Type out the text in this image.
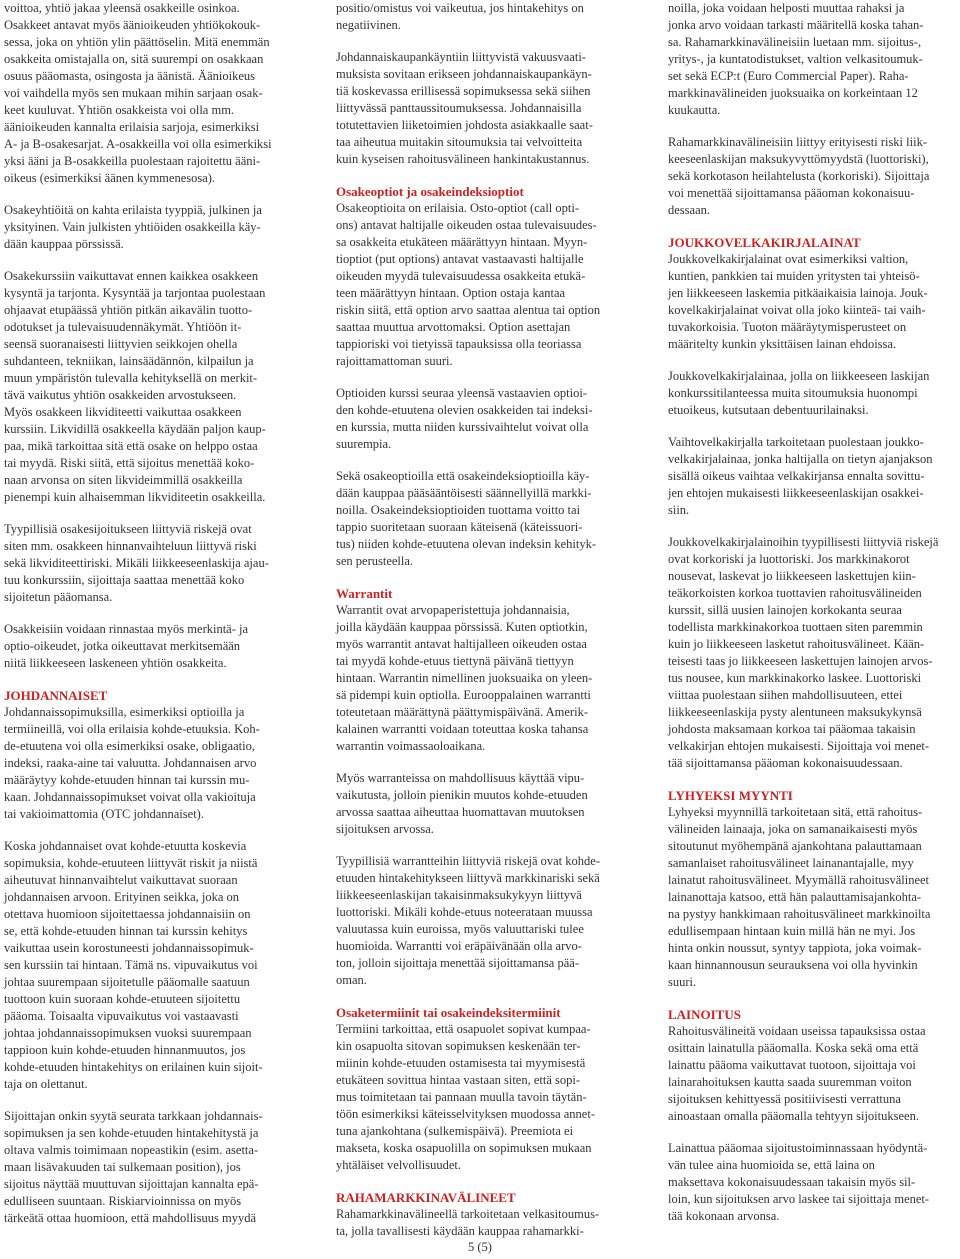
voittoa, yhtiö jakaa yleensä osakkeille osinkoa.
Osakkeet antavat myös äänioikeuden yhtiökokouk-
sessa, joka on yhtiön ylin päättöselin. Mitä enemmän
osakkeita omistajalla on, sitä suurempi on osakkaan
osuus pääomasta, osingosta ja äänistä. Äänioikeus
voi vaihdella myös sen mukaan mihin sarjaan osak-
keet kuuluvat. Yhtiön osakkeista voi olla mm.
äänioikeuden kannalta erilaisia sarjoja, esimerkiksi
A- ja B-osakesarjat. A-osakkeilla voi olla esimerkiksi
yksi ääni ja B-osakkeilla puolestaan rajoitettu ääni-
oikeus (esimerkiksi äänen kymmenesosa).

Osakeyhtiöitä on kahta erilaista tyyppiä, julkinen ja
yksityinen. Vain julkisten yhtiöiden osakkeilla käy-
dään kauppaa pörssissä.

Osakekurssiin vaikuttavat ennen kaikkea osakkeen
kysyntä ja tarjonta. Kysyntää ja tarjontaa puolestaan
ohjaavat etupäässä yhtiön pitkän aikavälin tuotto-
odotukset ja tulevaisuudennäkymät. Yhtiöön it-
seensä suoranaisesti liittyvien seikkojen ohella
suhdanteen, tekniikan, lainsäädännön, kilpailun ja
muun ympäristön tulevalla kehityksellä on merkit-
tävä vaikutus yhtiön osakkeiden arvostukseen.
Myös osakkeen likviditeetti vaikuttaa osakkeen
kurssiin. Likvidillä osakkeella käydään paljon kaup-
paa, mikä tarkoittaa sitä että osake on helppo ostaa
tai myydä. Riski siitä, että sijoitus menettää koko-
naan arvonsa on siten likvideimmillä osakkeilla
pienempi kuin alhaisemman likviditeetin osakkeilla.

Tyypillisiä osakesijoitukseen liittyviä riskejä ovat
siten mm. osakkeen hinnanvaihteluun liittyvä riski
sekä likviditeettiriski. Mikäli liikkeeseenlaskija ajau-
tuu konkurssiin, sijoittaja saattaa menettää koko
sijoitetun pääomansa.

Osakkeisiin voidaan rinnastaa myös merkintä- ja
optio-oikeudet, jotka oikeuttavat merkitsemään
niitä liikkeeseen laskeneen yhtiön osakkeita.

JOHDANNAISET

Johdannaissopimuksilla, esimerkiksi optioilla ja
termiineillä, voi olla erilaisia kohde-etuuksia. Koh-
de-etuutena voi olla esimerkiksi osake, obligaatio,
indeksi, raaka-aine tai valuutta. Johdannaisen arvo
määräytyy kohde-etuuden hinnan tai kurssin mu-
kaan. Johdannaissopimukset voivat olla vakioituja
tai vakioimattomia (OTC johdannaiset).

Koska johdannaiset ovat kohde-etuutta koskevia
sopimuksia, kohde-etuuteen liittyvät riskit ja niistä
aiheutuvat hinnanvaihtelut vaikuttavat suoraan
johdannaisen arvoon. Erityinen seikka, joka on
otettava huomioon sijoitettaessa johdannaisiin on
se, että kohde-etuuden hinnan tai kurssin kehitys
vaikuttaa usein korostuneesti johdannaissopimuk-
sen kurssiin tai hintaan. Tämä ns. vipuvaikutus voi
johtaa suurempaan sijoitetulle pääomalle saatuun
tuottoon kuin suoraan kohde-etuuteen sijoitettu
pääoma. Toisaalta vipuvaikutus voi vastaavasti
johtaa johdannaissopimuksen vuoksi suurempaan
tappioon kuin kohde-etuuden hinnanmuutos, jos
kohde-etuuden hintakehitys on erilainen kuin sijoit-
taja on olettanut.

Sijoittajan onkin syytä seurata tarkkaan johdannais-
sopimuksen ja sen kohde-etuuden hintakehitystä ja
oltava valmis toimimaan nopeastikin (esim. asetta-
maan lisävakuuden tai sulkemaan position), jos
sijoitus näyttää muuttuvan sijoittajan kannalta epä-
edulliseen suuntaan. Riskiarvioinnissa on myös
tärkeätä ottaa huomioon, että mahdollisuus myydä

positio/omistus voi vaikeutua, jos hintakehitys on
negatiivinen.

Johdannaiskaupankäyntiin liittyvistä vakuusvaati-
muksista sovitaan erikseen johdannaiskaupankäyn-
tiä koskevassa erillisessä sopimuksessa sekä siihen
liittyvässä panttaussitoumuksessa. Johdannaisilla
totutettavien liiketoimien johdosta asiakkaalle saat-
taa aiheutua muitakin sitoumuksia tai velvoitteita
kuin kyseisen rahoitusvälineen hankintakustannus.

Osakeoptiot ja osakeindeksioptiot

Osakeoptioita on erilaisia. Osto-optiot (call opti-
ons) antavat haltijalle oikeuden ostaa tulevaisuudes-
sa osakkeita etukäteen määrättyyn hintaan. Myyn-
tioptiot (put options) antavat vastaavasti haltijalle
oikeuden myydä tulevaisuudessa osakkeita etukä-
teen määrättyyn hintaan. Option ostaja kantaa
riskin siitä, että option arvo saattaa alentua tai option
saattaa muuttua arvottomaksi. Option asettajan
tappioriski voi tietyissä tapauksissa olla teoriassa
rajoittamattoman suuri.

Optioiden kurssi seuraa yleensä vastaavien optioi-
den kohde-etuutena olevien osakkeiden tai indeksi-
en kurssia, mutta niiden kurssivaihtelut voivat olla
suurempia.

Sekä osakeoptioilla että osakeindeksioptioilla käy-
dään kauppaa pääsääntöisesti säännellyillä markki-
noilla. Osakeindeksioptioiden tuottama voitto tai
tappio suoritetaan suoraan käteisenä (käteissuori-
tus) niiden kohde-etuutena olevan indeksin kehityk-
sen perusteella.

Warrantit

Warrantit ovat arvopaperistettuja johdannaisia,
joilla käydään kauppaa pörssissä. Kuten optiotkin,
myös warrantit antavat haltijalleen oikeuden ostaa
tai myydä kohde-etuus tiettynä päivänä tiettyyn
hintaan. Warrantin nimellinen juoksuaika on yleen-
sä pidempi kuin optiolla. Eurooppalainen warrantti
toteutetaan määrättynä päättymispäivänä. Amerik-
kalainen warrantti voidaan toteuttaa koska tahansa
warrantin voimassaoloaikana.

Myös warranteissa on mahdollisuus käyttää vipu-
vaikutusta, jolloin pienikin muutos kohde-etuuden
arvossa saattaa aiheuttaa huomattavan muutoksen
sijoituksen arvossa.

Tyypillisiä warrantteihin liittyviä riskejä ovat kohde-
etuuden hintakehitykseen liittyvä markkinariski sekä
liikkeeseenlaskijan takaisinmaksukykyyn liittyvä
luottoriski. Mikäli kohde-etuus noteerataan muussa
valuutassa kuin euroissa, myös valuuttariski tulee
huomioida. Warrantti voi eräpäivänään olla arvo-
ton, jolloin sijoittaja menettää sijoittamansa pää-
oman.

Osaketermiinit tai osakeindeksitermiinit

Termiini tarkoittaa, että osapuolet sopivat kumpaa-
kin osapuolta sitovan sopimuksen keskenään ter-
miinin kohde-etuuden ostamisesta tai myymisestä
etukäteen sovittua hintaa vastaan siten, että sopi-
mus toimitetaan tai pannaan muulla tavoin täytän-
töön esimerkiksi käteisselvityksen muodossa annet-
tuna ajankohtana (sulkemispäivä). Preemiota ei
makseta, koska osapuolilla on sopimuksen mukaan
yhtäläiset velvollisuudet.

RAHAMARKKINAVÄLINEET

Rahamarkkinavälineellä tarkoitetaan velkasitoumus-
ta, jolla tavallisesti käydään kauppaa rahamarkki-

noilla, joka voidaan helposti muuttaa rahaksi ja
jonka arvo voidaan tarkasti määritellä koska tahan-
sa. Rahamarkkinavälineisiin luetaan mm. sijoitus-,
yritys-, ja kuntatodistukset, valtion velkasitoumuk-
set sekä ECP:t (Euro Commercial Paper). Raha-
markkinavälineiden juoksuaika on korkeintaan 12
kuukautta.

Rahamarkkinavälineisiin liittyy erityisesti riski liik-
keeseenlaskijan maksukyvyttömyydstä (luottoriski),
sekä korkotason heilahtelusta (korkoriski). Sijoittaja
voi menettää sijoittamansa pääoman kokonaisuu-
dessaan.

JOUKKOVELKAKIRJALAINAT

Joukkovelkakirjalainat ovat esimerkiksi valtion,
kuntien, pankkien tai muiden yritysten tai yhteisö-
jen liikkeeseen laskemia pitkäaikaisia lainoja. Jouk-
kovelkakirjalainat voivat olla joko kiinteä- tai vaih-
tuvakorkoisia. Tuoton määräytymisperusteet on
määritelty kunkin yksittäisen lainan ehdoissa.

Joukkovelkakirjalainaa, jolla on liikkeeseen laskijan
konkurssitilanteessa muita sitoumuksia huonompi
etuoikeus, kutsutaan debentuurilainaksi.

Vaihtovelkakirjalla tarkoitetaan puolestaan joukko-
velkakirjalainaa, jonka haltijalla on tietyn ajanjakson
sisällä oikeus vaihtaa velkakirjansa ennalta sovittu-
jen ehtojen mukaisesti liikkeeseenlaskijan osakkei-
siin.

Joukkovelkakirjalainoihin tyypillisesti liittyviä riskejä
ovat korkoriski ja luottoriski. Jos markkinakorot
nousevat, laskevat jo liikkeeseen laskettujen kiin-
teäkorkoisten korkoa tuottavien rahoitusvälineiden
kurssit, sillä uusien lainojen korkokanta seuraa
todellista markkinakorkoa tuottaen siten paremmin
kuin jo liikkeeseen lasketut rahoitusvälineet. Kään-
teisesti taas jo liikkeeseen laskettujen lainojen arvos-
tus nousee, kun markkinakorko laskee. Luottoriski
viittaa puolestaan siihen mahdollisuuteen, ettei
liikkeeseenlaskija pysty alentuneen maksukykynsä
johdosta maksamaan korkoa tai pääomaa takaisin
velkakirjan ehtojen mukaisesti. Sijoittaja voi menet-
tää sijoittamansa pääoman kokonaisuudessaan.

LYHYEKSI MYYNTI

Lyhyeksi myynnillä tarkoitetaan sitä, että rahoitus-
välineiden lainaaja, joka on samanaikaisesti myös
sitoutunut myöhempänä ajankohtana palauttamaan
samanlaiset rahoitusvälineet lainanantajalle, myy
lainatut rahoitusvälineet. Myymällä rahoitusvälineet
lainanottaja katsoo, että hän palauttamisajankohta-
na pystyy hankkimaan rahoitusvälineet markkinoilta
edullisempaan hintaan kuin millä hän ne myi. Jos
hinta onkin noussut, syntyy tappiota, joka voimak-
kaan hinnannousun seurauksena voi olla hyvinkin
suuri.

LAINOITUS

Rahoitusvälineitä voidaan useissa tapauksissa ostaa
osittain lainatulla pääomalla. Koska sekä oma että
lainattu pääoma vaikuttavat tuotoon, sijoittaja voi
lainarahoituksen kautta saada suuremman voiton
sijoituksen kehittyessä positiivisesti verrattuna
ainoastaan omalla pääomalla tehtyyn sijoitukseen.

Lainattua pääomaa sijoitustoiminnassaan hyödyntä-
vän tulee aina huomioida se, että laina on
maksettava kokonaisuudessaan takaisin myös sil-
loin, kun sijoituksen arvo laskee tai sijoittaja menet-
tää kokonaan arvonsa.

5 (5)
